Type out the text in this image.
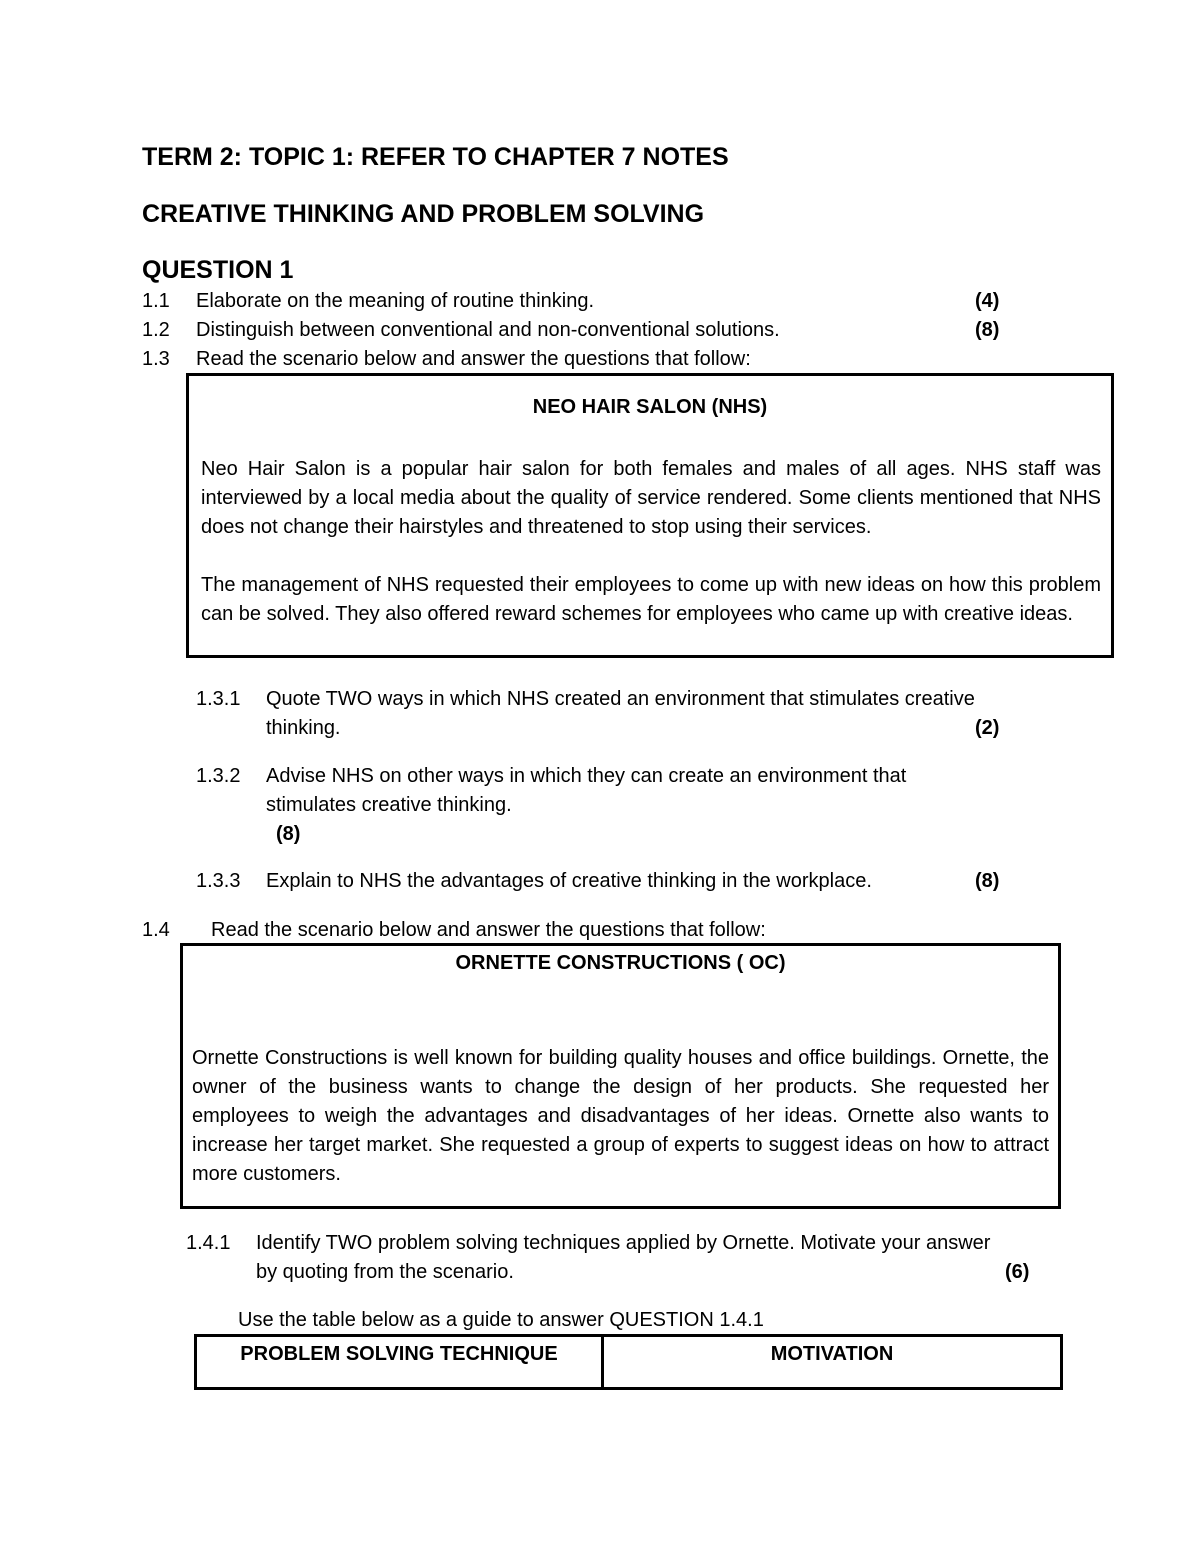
TERM 2: TOPIC 1: REFER TO CHAPTER 7 NOTES
CREATIVE THINKING AND PROBLEM SOLVING
QUESTION 1
1.1 Elaborate on the meaning of routine thinking.	(4)
1.2 Distinguish between conventional and non-conventional solutions.	(8)
1.3 Read the scenario below and answer the questions that follow:
NEO HAIR SALON (NHS)
Neo Hair Salon is a popular hair salon for both females and males of all ages. NHS staff was interviewed by a local media about the quality of service rendered. Some clients mentioned that NHS does not change their hairstyles and threatened to stop using their services.
The management of NHS requested their employees to come up with new ideas on how this problem can be solved. They also offered reward schemes for employees who came up with creative ideas.
1.3.1 Quote TWO ways in which NHS created an environment that stimulates creative
thinking.	(2)
1.3.2 Advise NHS on other ways in which they can create an environment that
stimulates creative thinking.
(8)
1.3.3 Explain to NHS the advantages of creative thinking in the workplace.	(8)
1.4 Read the scenario below and answer the questions that follow:
ORNETTE CONSTRUCTIONS ( OC)
Ornette Constructions is well known for building quality houses and office buildings. Ornette, the owner of the business wants to change the design of her products. She requested her employees to weigh the advantages and disadvantages of her ideas. Ornette also wants to increase her target market. She requested a group of experts to suggest ideas on how to attract more customers.
1.4.1 Identify TWO problem solving techniques applied by Ornette. Motivate your answer
by quoting from the scenario.	(6)
Use the table below as a guide to answer QUESTION 1.4.1
PROBLEM SOLVING TECHNIQUE	MOTIVATION
